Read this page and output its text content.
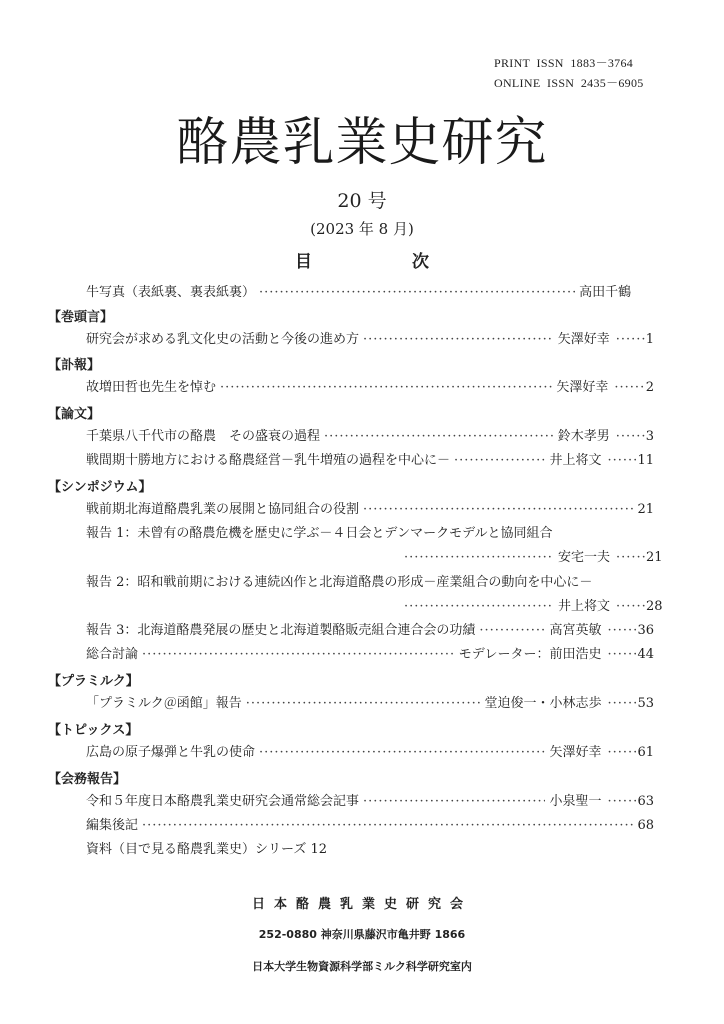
PRINT  ISSN  1883－3764
ONLINE  ISSN  2435－6905
酪農乳業史研究
20 号
(2023 年 8 月)
目	次
牛写真（表紙裏、裏表紙裏） ·····	高田千鶴
【巻頭言】
研究会が求める乳文化史の活動と今後の進め方 ·····	矢澤好幸 ······	1
【訃報】
故増田哲也先生を悼む ·····	矢澤好幸 ······	2
【論文】
千葉県八千代市の酪農　その盛衰の過程 ·····	鈴木孝男 ······	3
戦間期十勝地方における酪農経営－乳牛増殖の過程を中心に－ ·····	井上将文 ······	11
【シンポジウム】
戦前期北海道酪農乳業の展開と協同組合の役割 ·····	21
報告 1：未曾有の酪農危機を歴史に学ぶ－４日会とデンマークモデルと協同組合
·····
安宅一夫 ······	21
報告 2：昭和戦前期における連続凶作と北海道酪農の形成－産業組合の動向を中心に－
·····
井上将文 ······	28
報告 3：北海道酪農発展の歴史と北海道製酪販売組合連合会の功績 ·····	高宮英敏 ······	36
総合討論 ·····	モデレーター：前田浩史 ······	44
【プラミルク】
「プラミルク＠函館」報告 ·····	堂迫俊一・小林志歩 ······	53
【トピックス】
広島の原子爆弾と牛乳の使命 ·····	矢澤好幸 ······	61
【会務報告】
令和５年度日本酪農乳業史研究会通常総会記事 ·····	小泉聖一 ······	63
編集後記 ·····	68
資料（目で見る酪農乳業史）シリーズ 12
日本酪農乳業史研究会
252-0880 神奈川県藤沢市亀井野 1866
日本大学生物資源科学部ミルク科学研究室内
